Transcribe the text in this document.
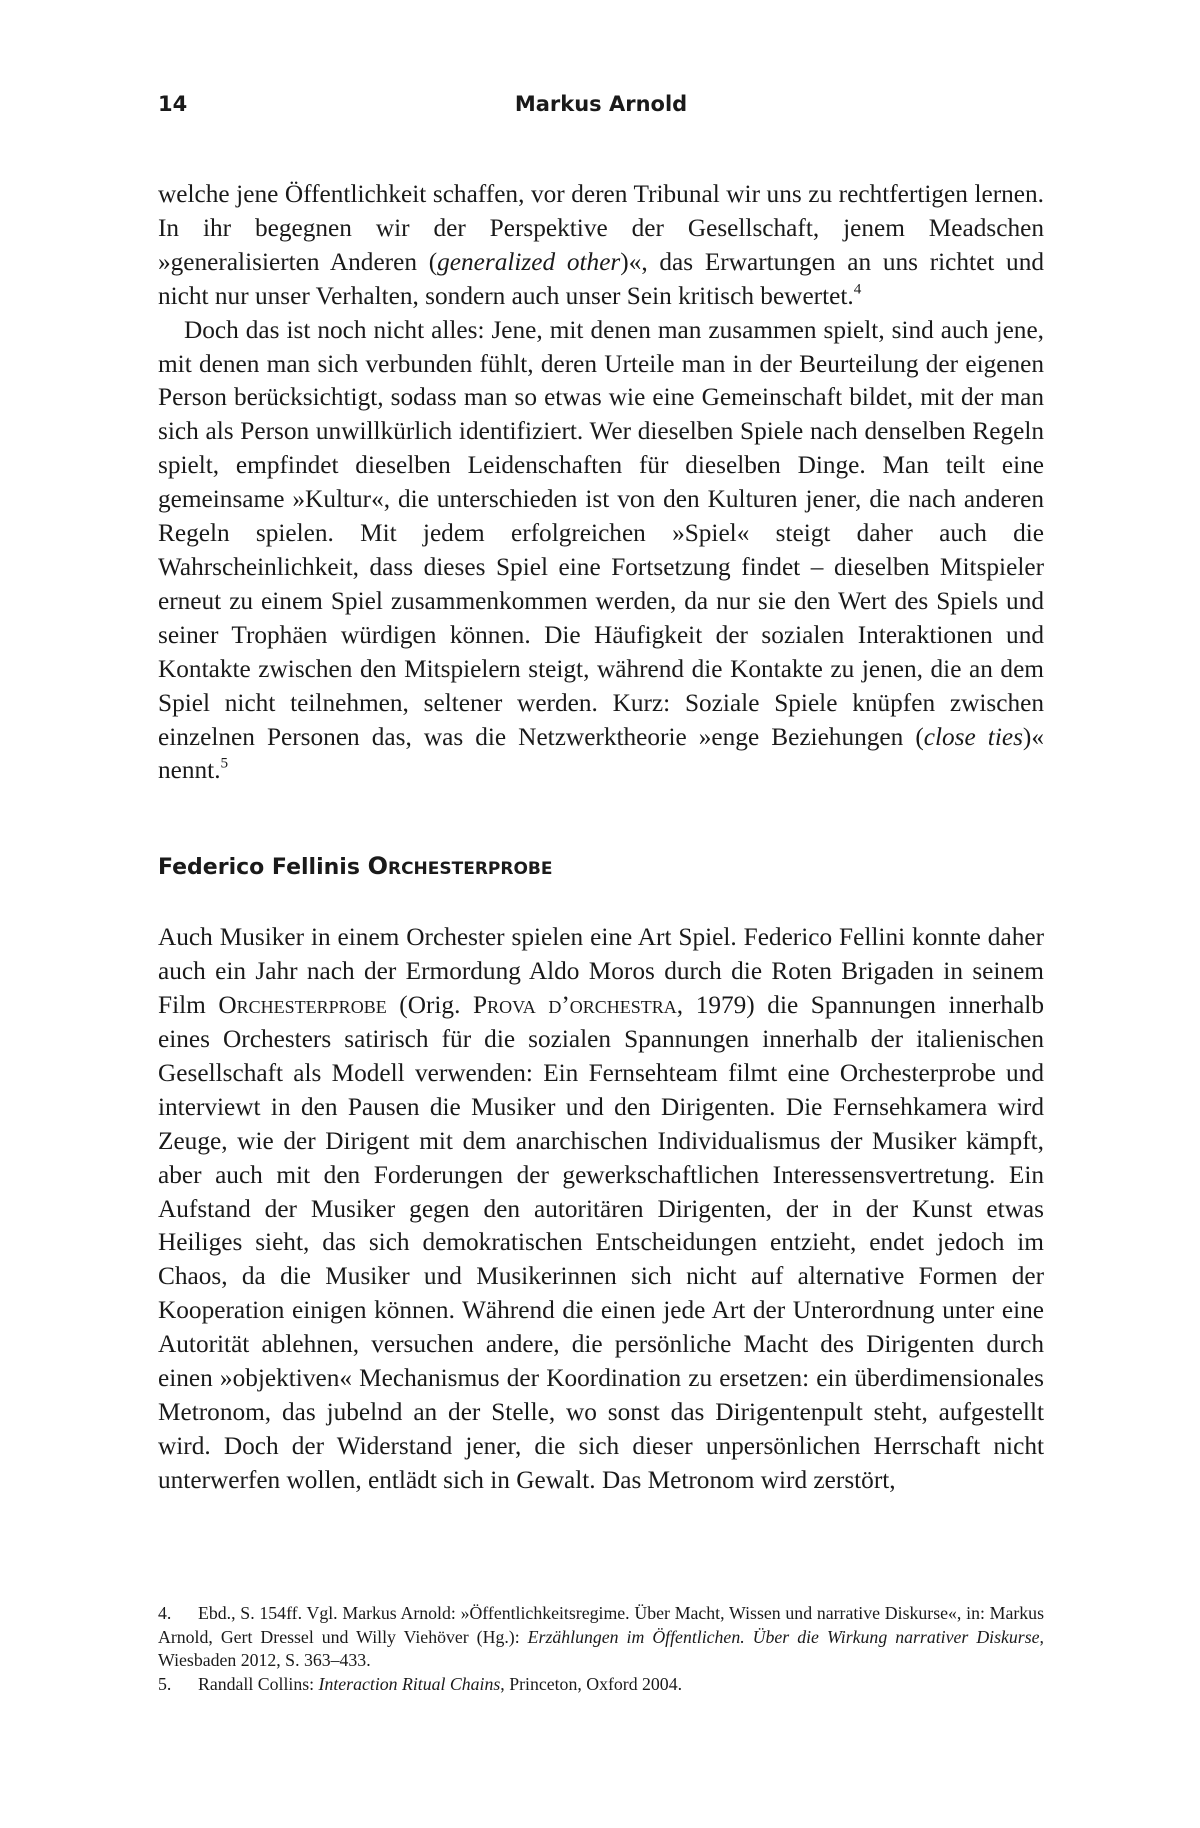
14	Markus Arnold

welche jene Öffentlichkeit schaffen, vor deren Tribunal wir uns zu rechtfertigen lernen. In ihr begegnen wir der Perspektive der Gesellschaft, jenem Meadschen »generalisierten Anderen (generalized other)«, das Erwartungen an uns richtet und nicht nur unser Verhalten, sondern auch unser Sein kritisch bewertet.$^4$

Doch das ist noch nicht alles: Jene, mit denen man zusammen spielt, sind auch jene, mit denen man sich verbunden fühlt, deren Urteile man in der Beurteilung der eigenen Person berücksichtigt, sodass man so etwas wie eine Gemeinschaft bildet, mit der man sich als Person unwillkürlich identifiziert. Wer dieselben Spiele nach denselben Regeln spielt, empfindet dieselben Leidenschaften für dieselben Dinge. Man teilt eine gemeinsame »Kultur«, die unterschieden ist von den Kulturen jener, die nach anderen Regeln spielen. Mit jedem erfolgreichen »Spiel« steigt daher auch die Wahrscheinlichkeit, dass dieses Spiel eine Fortsetzung findet – dieselben Mitspieler erneut zu einem Spiel zusammenkommen werden, da nur sie den Wert des Spiels und seiner Trophäen würdigen können. Die Häufigkeit der sozialen Interaktionen und Kontakte zwischen den Mitspielern steigt, während die Kontakte zu jenen, die an dem Spiel nicht teilnehmen, seltener werden. Kurz: Soziale Spiele knüpfen zwischen einzelnen Personen das, was die Netzwerktheorie »enge Beziehungen (close ties)« nennt.$^5$

Federico Fellinis Orchesterprobe

Auch Musiker in einem Orchester spielen eine Art Spiel. Federico Fellini konnte daher auch ein Jahr nach der Ermordung Aldo Moros durch die Roten Brigaden in seinem Film Orchesterprobe (Orig. Prova d’orchestra, 1979) die Spannungen innerhalb eines Orchesters satirisch für die sozialen Spannungen innerhalb der italienischen Gesellschaft als Modell verwenden: Ein Fernsehteam filmt eine Orchesterprobe und interviewt in den Pausen die Musiker und den Dirigenten. Die Fernsehkamera wird Zeuge, wie der Dirigent mit dem anarchischen Individualismus der Musiker kämpft, aber auch mit den Forderungen der gewerkschaftlichen Interessensvertretung. Ein Aufstand der Musiker gegen den autoritären Dirigenten, der in der Kunst etwas Heiliges sieht, das sich demokratischen Entscheidungen entzieht, endet jedoch im Chaos, da die Musiker und Musikerinnen sich nicht auf alternative Formen der Kooperation einigen können. Während die einen jede Art der Unterordnung unter eine Autorität ablehnen, versuchen andere, die persönliche Macht des Dirigenten durch einen »objektiven« Mechanismus der Koordination zu ersetzen: ein überdimensionales Metronom, das jubelnd an der Stelle, wo sonst das Dirigentenpult steht, aufgestellt wird. Doch der Widerstand jener, die sich dieser unpersönlichen Herrschaft nicht unterwerfen wollen, entlädt sich in Gewalt. Das Metronom wird zerstört,

4. Ebd., S. 154ff. Vgl. Markus Arnold: »Öffentlichkeitsregime. Über Macht, Wissen und narrative Diskurse«, in: Markus Arnold, Gert Dressel und Willy Viehöver (Hg.): Erzählungen im Öffentlichen. Über die Wirkung narrativer Diskurse, Wiesbaden 2012, S. 363–433.

5. Randall Collins: Interaction Ritual Chains, Princeton, Oxford 2004.
